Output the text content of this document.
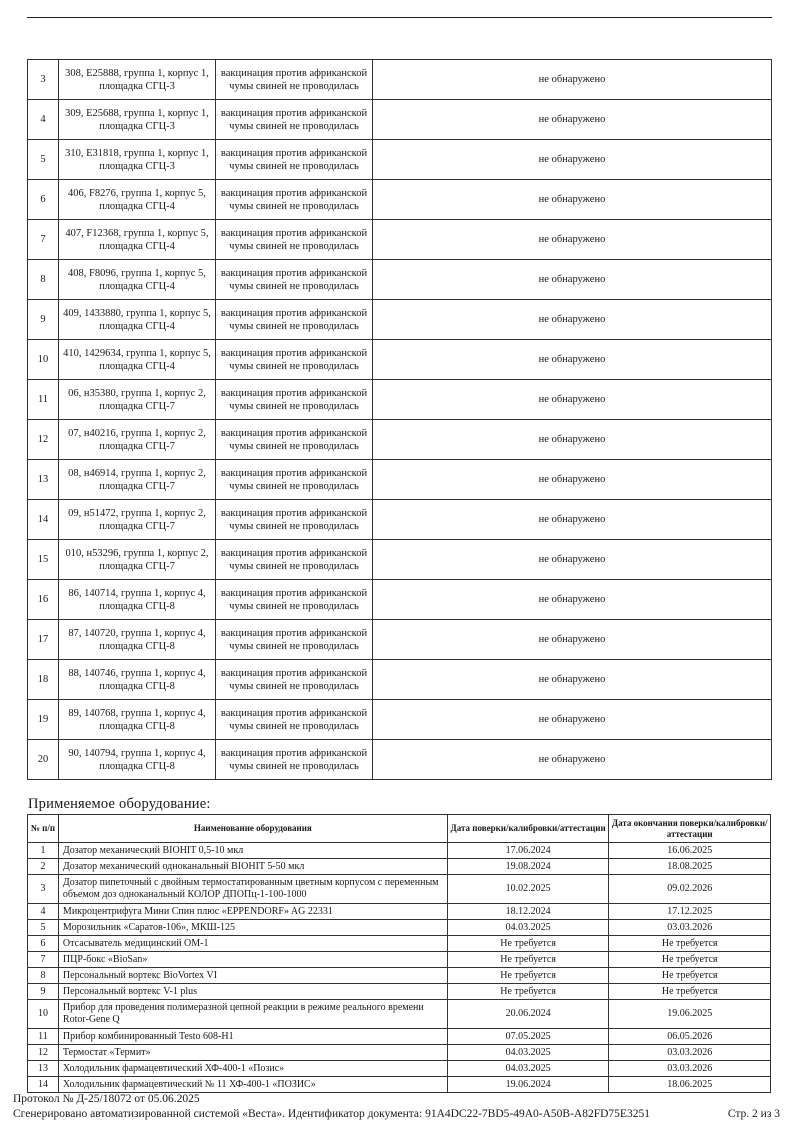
3	308, E25888, группа 1, корпус 1, площадка СГЦ-3	вакцинация против африканской чумы свиней не проводилась	не обнаружено
4	309, E25688, группа 1, корпус 1, площадка СГЦ-3	вакцинация против африканской чумы свиней не проводилась	не обнаружено
5	310, E31818, группа 1, корпус 1, площадка СГЦ-3	вакцинация против африканской чумы свиней не проводилась	не обнаружено
6	406, F8276, группа 1, корпус 5, площадка СГЦ-4	вакцинация против африканской чумы свиней не проводилась	не обнаружено
7	407, F12368, группа 1, корпус 5, площадка СГЦ-4	вакцинация против африканской чумы свиней не проводилась	не обнаружено
8	408, F8096, группа 1, корпус 5, площадка СГЦ-4	вакцинация против африканской чумы свиней не проводилась	не обнаружено
9	409, 1433880, группа 1, корпус 5, площадка СГЦ-4	вакцинация против африканской чумы свиней не проводилась	не обнаружено
10	410, 1429634, группа 1, корпус 5, площадка СГЦ-4	вакцинация против африканской чумы свиней не проводилась	не обнаружено
11	06, н35380, группа 1, корпус 2, площадка СГЦ-7	вакцинация против африканской чумы свиней не проводилась	не обнаружено
12	07, н40216, группа 1, корпус 2, площадка СГЦ-7	вакцинация против африканской чумы свиней не проводилась	не обнаружено
13	08, н46914, группа 1, корпус 2, площадка СГЦ-7	вакцинация против африканской чумы свиней не проводилась	не обнаружено
14	09, н51472, группа 1, корпус 2, площадка СГЦ-7	вакцинация против африканской чумы свиней не проводилась	не обнаружено
15	010, н53296, группа 1, корпус 2, площадка СГЦ-7	вакцинация против африканской чумы свиней не проводилась	не обнаружено
16	86, 140714, группа 1, корпус 4, площадка СГЦ-8	вакцинация против африканской чумы свиней не проводилась	не обнаружено
17	87, 140720, группа 1, корпус 4, площадка СГЦ-8	вакцинация против африканской чумы свиней не проводилась	не обнаружено
18	88, 140746, группа 1, корпус 4, площадка СГЦ-8	вакцинация против африканской чумы свиней не проводилась	не обнаружено
19	89, 140768, группа 1, корпус 4, площадка СГЦ-8	вакцинация против африканской чумы свиней не проводилась	не обнаружено
20	90, 140794, группа 1, корпус 4, площадка СГЦ-8	вакцинация против африканской чумы свиней не проводилась	не обнаружено
Применяемое оборудование:
№ п/п	Наименование оборудования	Дата поверки/калибровки/аттестации	Дата окончания поверки/калибровки/аттестации
1	Дозатор механический BIOHIT 0,5-10 мкл	17.06.2024	16.06.2025
2	Дозатор механический одноканальный BIOHIT 5-50 мкл	19.08.2024	18.08.2025
3	Дозатор пипеточный с двойным термостатированным цветным корпусом с переменным объемом доз одноканальный КОЛОР ДПОПц-1-100-1000	10.02.2025	09.02.2026
4	Микроцентрифуга Мини Спин плюс «EPPENDORF» AG 22331	18.12.2024	17.12.2025
5	Морозильник «Саратов-106», МКШ-125	04.03.2025	03.03.2026
6	Отсасыватель медицинский ОМ-1	Не требуется	Не требуется
7	ПЦР-бокс «BioSan»	Не требуется	Не требуется
8	Персональный вортекс BioVortex VI	Не требуется	Не требуется
9	Персональный вортекс V-1 plus	Не требуется	Не требуется
10	Прибор для проведения полимеразной цепной реакции в режиме реального времени Rotor-Gene Q	20.06.2024	19.06.2025
11	Прибор комбинированный Testo 608-H1	07.05.2025	06.05.2026
12	Термостат «Термит»	04.03.2025	03.03.2026
13	Холодильник фармацевтический ХФ-400-1 «Позис»	04.03.2025	03.03.2026
14	Холодильник фармацевтический № 11 ХФ-400-1 «ПОЗИС»	19.06.2024	18.06.2025
Протокол № Д-25/18072 от 05.06.2025
Сгенерировано автоматизированной системой «Веста». Идентификатор документа: 91A4DC22-7BD5-49A0-A50B-A82FD75E3251	Стр. 2 из 3
